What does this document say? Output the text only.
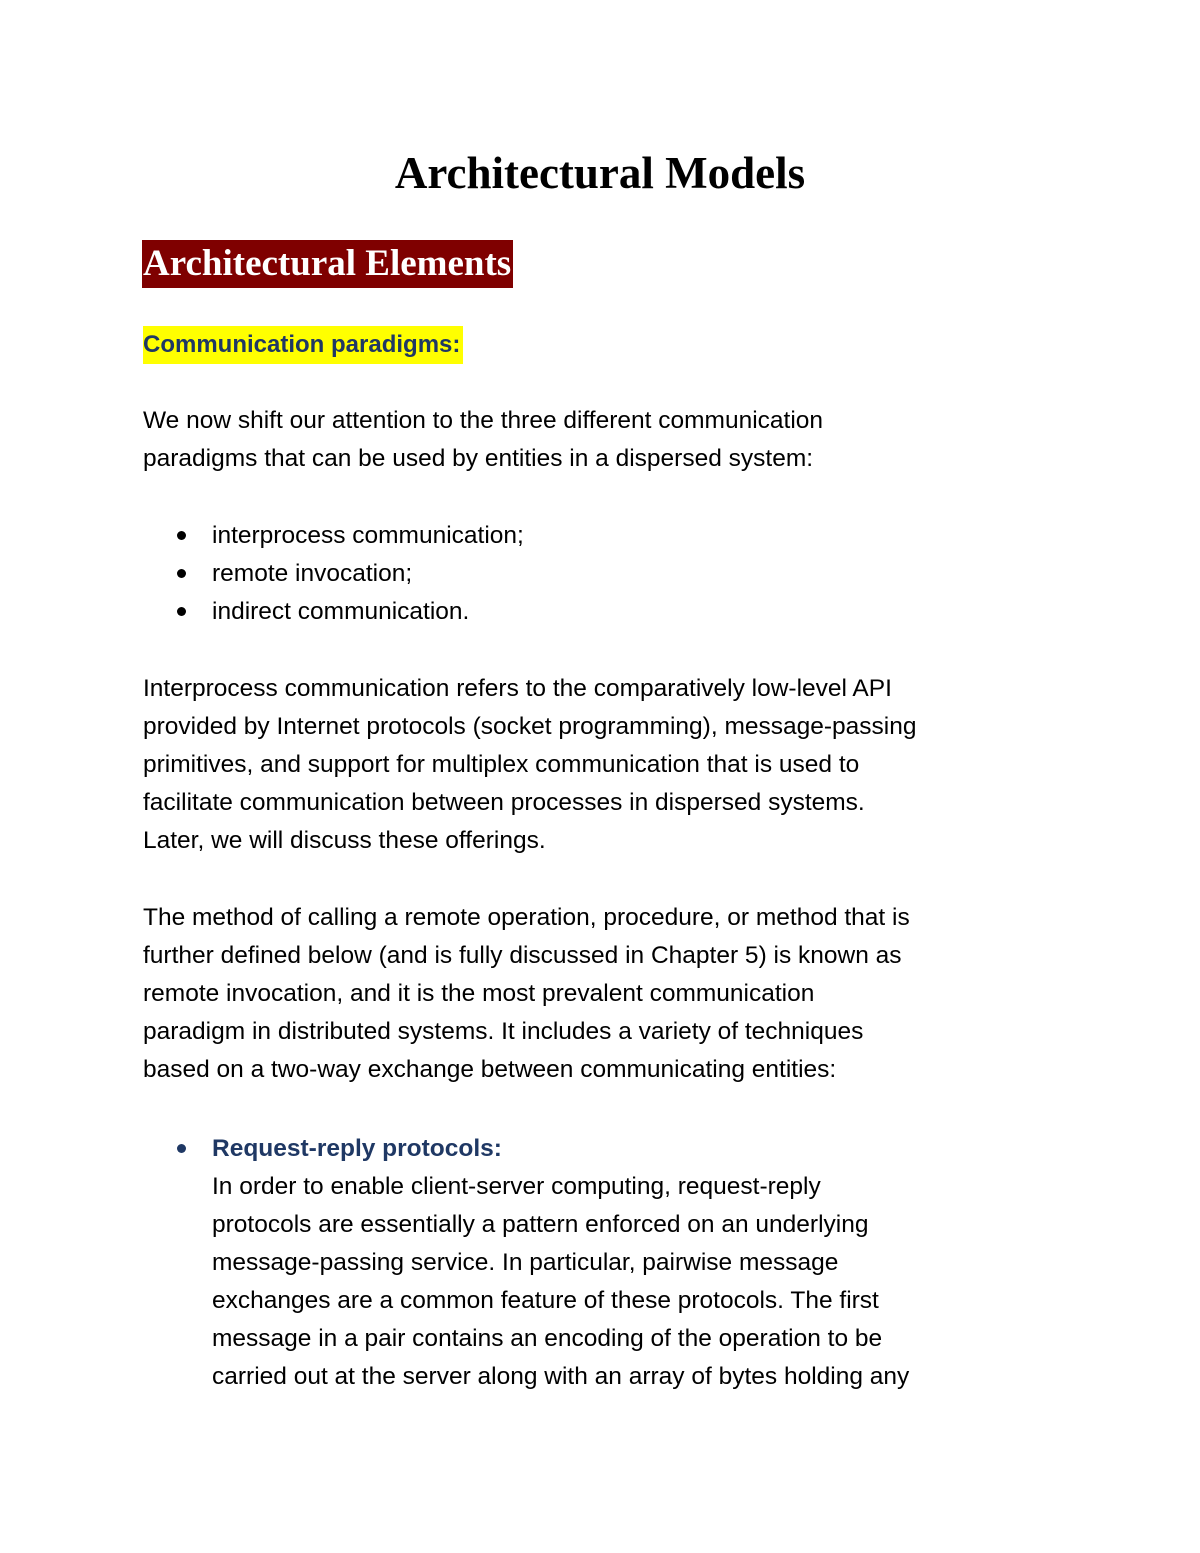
Architectural Models
Architectural Elements
Communication paradigms:

We now shift our attention to the three different communication
paradigms that can be used by entities in a dispersed system:

interprocess communication;
remote invocation;
indirect communication.

Interprocess communication refers to the comparatively low-level API
provided by Internet protocols (socket programming), message-passing
primitives, and support for multiplex communication that is used to
facilitate communication between processes in dispersed systems.
Later, we will discuss these offerings.

The method of calling a remote operation, procedure, or method that is
further defined below (and is fully discussed in Chapter 5) is known as
remote invocation, and it is the most prevalent communication
paradigm in distributed systems. It includes a variety of techniques
based on a two-way exchange between communicating entities:

Request-reply protocols:
In order to enable client-server computing, request-reply
protocols are essentially a pattern enforced on an underlying
message-passing service. In particular, pairwise message
exchanges are a common feature of these protocols. The first
message in a pair contains an encoding of the operation to be
carried out at the server along with an array of bytes holding any
